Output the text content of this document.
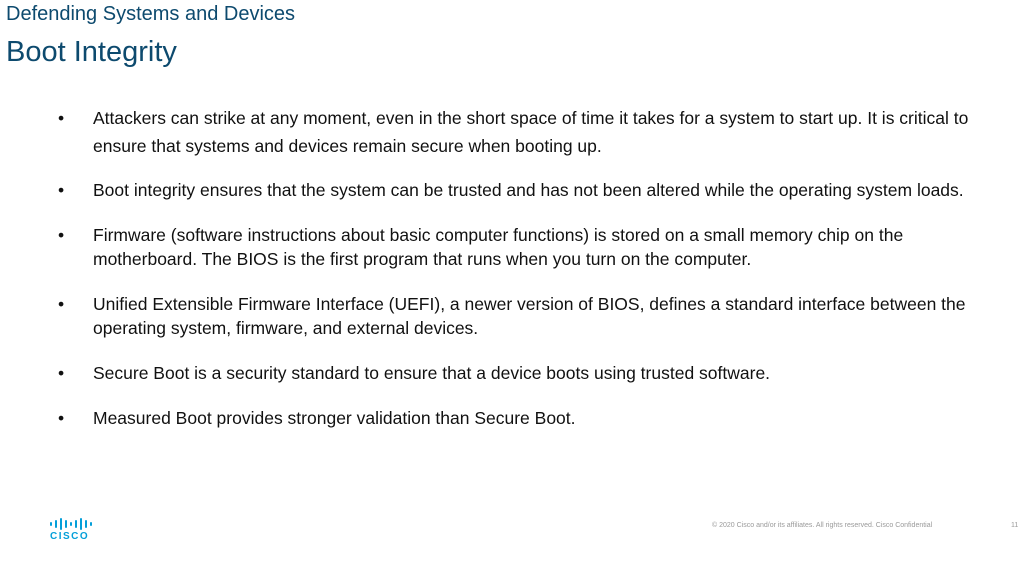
Defending Systems and Devices
Boot Integrity
• Attackers can strike at any moment, even in the short space of time it takes for a system to start up. It is critical to ensure that systems and devices remain secure when booting up.
• Boot integrity ensures that the system can be trusted and has not been altered while the operating system loads.
• Firmware (software instructions about basic computer functions) is stored on a small memory chip on the motherboard. The BIOS is the first program that runs when you turn on the computer.
• Unified Extensible Firmware Interface (UEFI), a newer version of BIOS, defines a standard interface between the operating system, firmware, and external devices.
• Secure Boot is a security standard to ensure that a device boots using trusted software.
• Measured Boot provides stronger validation than Secure Boot.
CISCO
© 2020 Cisco and/or its affiliates. All rights reserved. Cisco Confidential	11
